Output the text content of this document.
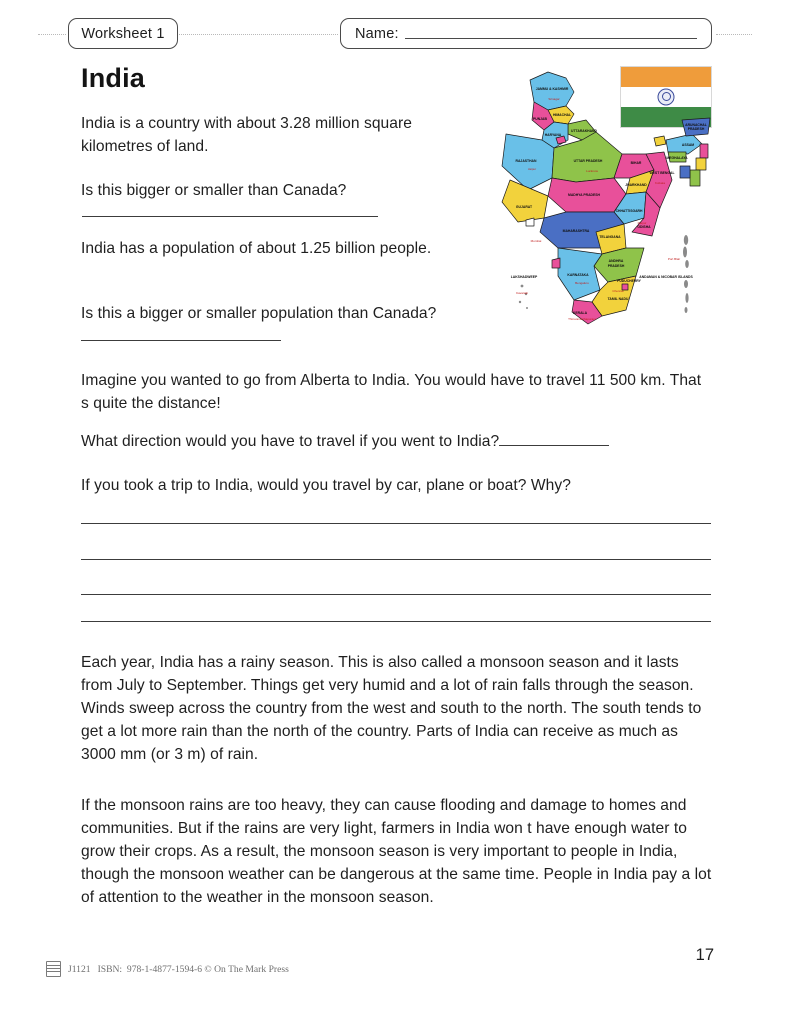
Worksheet 1	Name:
India	JAMMU & KASHMIR
PUNJAB
HIMACHAL
UTTARAKHAND
HARYANA
RAJASTHAN	UTTAR PRADESH
GUJARAT
MADHYA PRADESH
BIHAR
WEST BENGAL
JHARKHAND
CHHATTISGARH
ODISHA
MAHARASHTRA
TELANGANA
ANDHRA
PRADESH
KARNATAKA
TAMIL NADU
KERALA
ASSAM
ARUNACHAL
PRADESH
MEGHALAYA
LAKSHADWEEP	ANDAMAN & NICOBAR ISLANDS
PUDUCHERRY
Srinagar
Jaipur	Lucknow
Raipur
Bengaluru
Chennai
Thiruvananthapuram
Kolkata
Mumbai
Port Blair
Kavaratti
India is a country with about 3.28 million square kilometres of land.
Is this bigger or smaller than Canada?
India has a population of about 1.25 billion people.
Is this a bigger or smaller population than Canada?
Imagine you wanted to go from Alberta to India. You would have to travel 11 500 km. That s quite the distance!
What direction would you have to travel if you went to India?
If you took a trip to India, would you travel by car, plane or boat? Why?
Each year, India has a rainy season. This is also called a monsoon season and it lasts from July to September. Things get very humid and a lot of rain falls through the season. Winds sweep across the country from the west and south to the north. The south tends to get a lot more rain than the north of the country. Parts of India can receive as much as 3000 mm (or 3 m) of rain.
If the monsoon rains are too heavy, they can cause flooding and damage to homes and communities. But if the rains are very light, farmers in India won t have enough water to grow their crops. As a result, the monsoon season is very important to people in India, though the monsoon weather can be dangerous at the same time. People in India pay a lot of attention to the weather in the monsoon season.
J1121 ISBN:  978-1-4877-1594-6 © On The Mark Press
17
